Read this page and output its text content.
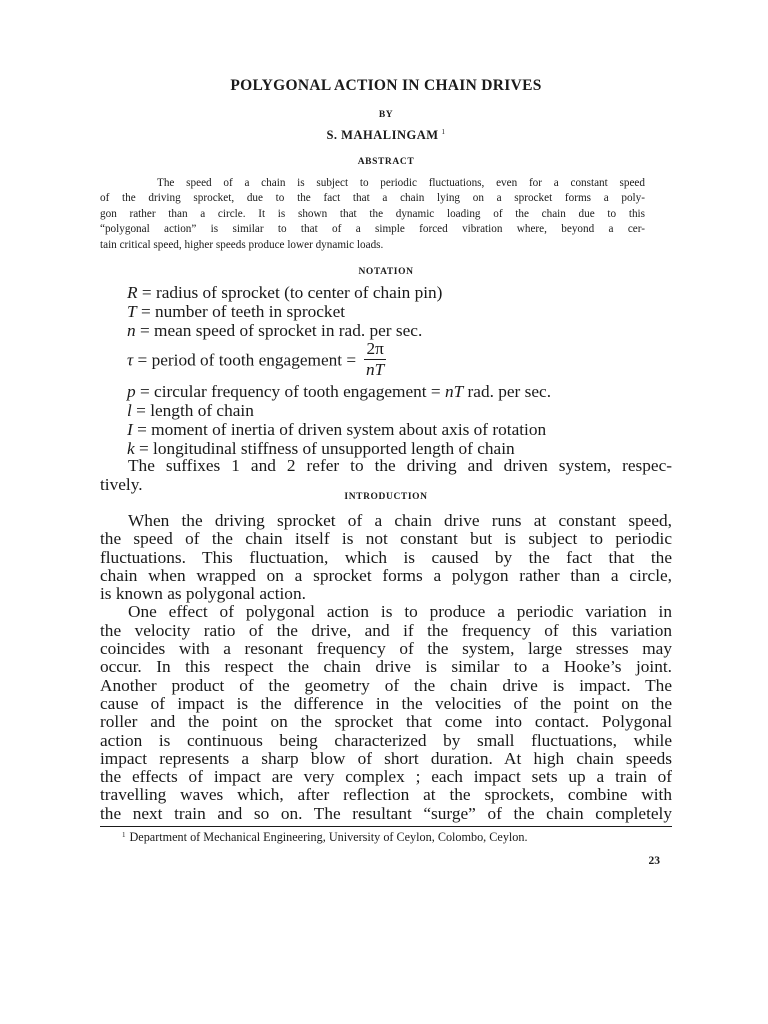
POLYGONAL ACTION IN CHAIN DRIVES
BY
S. MAHALINGAM $^1$
ABSTRACT
The speed of a chain is subject to periodic fluctuations, even for a constant speed
of the driving sprocket, due to the fact that a chain lying on a sprocket forms a poly-
gon rather than a circle. It is shown that the dynamic loading of the chain due to this
“polygonal action” is similar to that of a simple forced vibration where, beyond a cer-
tain critical speed, higher speeds produce lower dynamic loads.
NOTATION
R = radius of sprocket (to center of chain pin)
T = number of teeth in sprocket
n = mean speed of sprocket in rad. per sec.
τ = period of tooth engagement = $\frac{2\pi}{nT}$
p = circular frequency of tooth engagement = nT rad. per sec.
l = length of chain
I = moment of inertia of driven system about axis of rotation
k = longitudinal stiffness of unsupported length of chain
The suffixes 1 and 2 refer to the driving and driven system, respec-
tively.
INTRODUCTION
When the driving sprocket of a chain drive runs at constant speed,
the speed of the chain itself is not constant but is subject to periodic
fluctuations. This fluctuation, which is caused by the fact that the
chain when wrapped on a sprocket forms a polygon rather than a circle,
is known as polygonal action.
One effect of polygonal action is to produce a periodic variation in
the velocity ratio of the drive, and if the frequency of this variation
coincides with a resonant frequency of the system, large stresses may
occur. In this respect the chain drive is similar to a Hooke’s joint.
Another product of the geometry of the chain drive is impact. The
cause of impact is the difference in the velocities of the point on the
roller and the point on the sprocket that come into contact. Polygonal
action is continuous being characterized by small fluctuations, while
impact represents a sharp blow of short duration. At high chain speeds
the effects of impact are very complex ; each impact sets up a train of
travelling waves which, after reflection at the sprockets, combine with
the next train and so on. The resultant “surge” of the chain completely
$^1$ Department of Mechanical Engineering, University of Ceylon, Colombo, Ceylon.
23
